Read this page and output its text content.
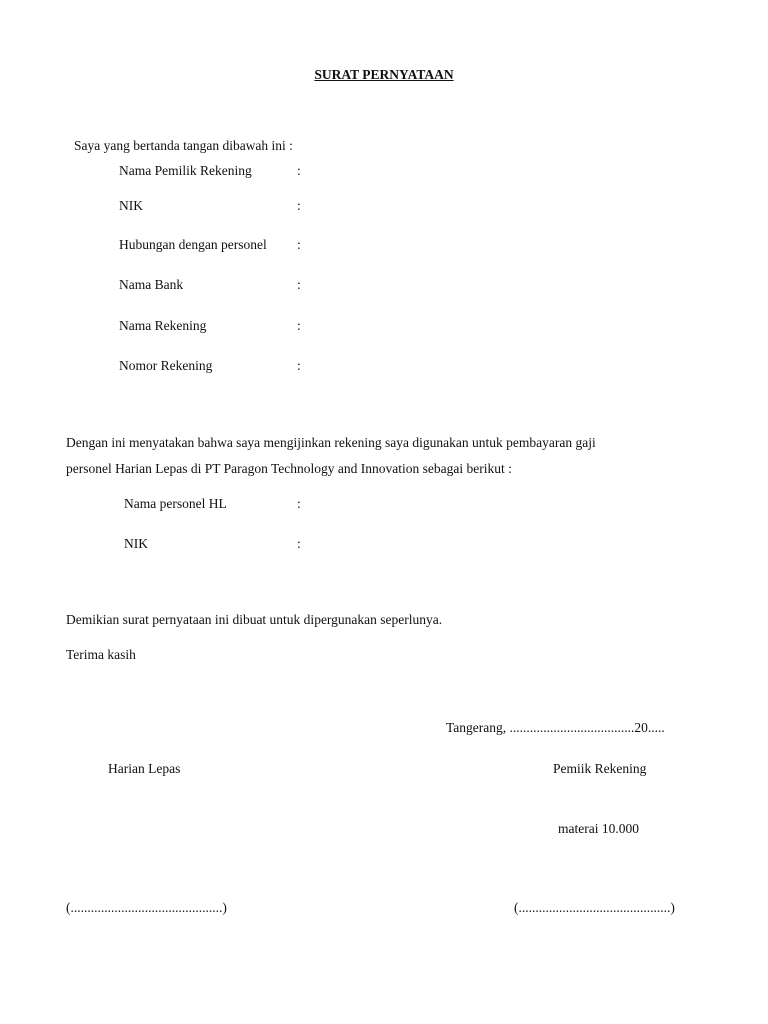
SURAT PERNYATAAN
Saya yang bertanda tangan dibawah ini :
Nama Pemilik Rekening	:
NIK	:
Hubungan dengan personel :
Nama Bank	:
Nama Rekening	:
Nomor Rekening	:
Dengan ini menyatakan bahwa saya mengijinkan rekening saya digunakan untuk pembayaran gaji
personel Harian Lepas di PT Paragon Technology and Innovation sebagai berikut :
Nama personel HL	:
NIK	:
Demikian surat pernyataan ini dibuat untuk dipergunakan seperlunya.
Terima kasih
Tangerang, .....................................20.....
Harian Lepas	Pemiik Rekening
materai 10.000
(.............................................)	(.............................................)
